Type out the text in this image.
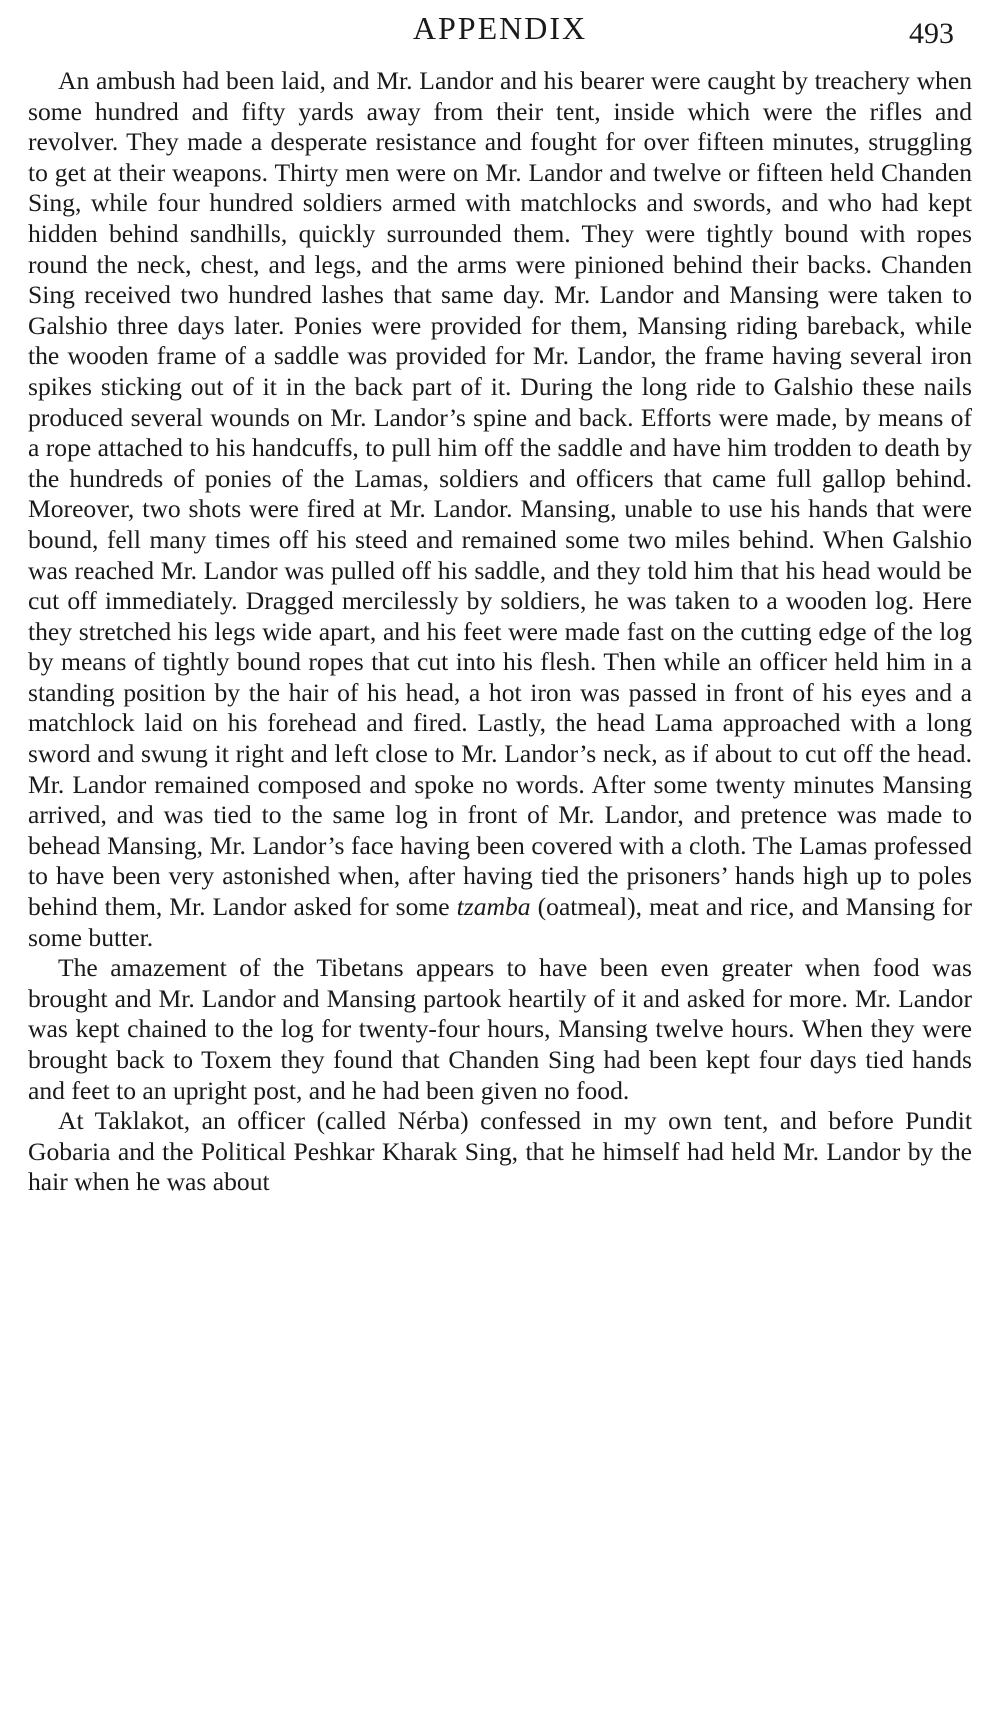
APPENDIX	493

An ambush had been laid, and Mr. Landor and his bearer were caught by treachery when some hundred and fifty yards away from their tent, inside which were the rifles and revolver. They made a desperate resistance and fought for over fifteen minutes, struggling to get at their weapons. Thirty men were on Mr. Landor and twelve or fifteen held Chanden Sing, while four hundred soldiers armed with matchlocks and swords, and who had kept hidden behind sandhills, quickly surrounded them. They were tightly bound with ropes round the neck, chest, and legs, and the arms were pinioned behind their backs. Chanden Sing received two hundred lashes that same day. Mr. Landor and Mansing were taken to Galshio three days later. Ponies were provided for them, Mansing riding bareback, while the wooden frame of a saddle was provided for Mr. Landor, the frame having several iron spikes sticking out of it in the back part of it. During the long ride to Galshio these nails produced several wounds on Mr. Landor’s spine and back. Efforts were made, by means of a rope attached to his handcuffs, to pull him off the saddle and have him trodden to death by the hundreds of ponies of the Lamas, soldiers and officers that came full gallop behind. Moreover, two shots were fired at Mr. Landor. Mansing, unable to use his hands that were bound, fell many times off his steed and remained some two miles behind. When Galshio was reached Mr. Landor was pulled off his saddle, and they told him that his head would be cut off immediately. Dragged mercilessly by soldiers, he was taken to a wooden log. Here they stretched his legs wide apart, and his feet were made fast on the cutting edge of the log by means of tightly bound ropes that cut into his flesh. Then while an officer held him in a standing position by the hair of his head, a hot iron was passed in front of his eyes and a matchlock laid on his forehead and fired. Lastly, the head Lama approached with a long sword and swung it right and left close to Mr. Landor’s neck, as if about to cut off the head. Mr. Landor remained composed and spoke no words. After some twenty minutes Mansing arrived, and was tied to the same log in front of Mr. Landor, and pretence was made to behead Mansing, Mr. Landor’s face having been covered with a cloth. The Lamas professed to have been very astonished when, after having tied the prisoners’ hands high up to poles behind them, Mr. Landor asked for some tzamba (oatmeal), meat and rice, and Mansing for some butter.

The amazement of the Tibetans appears to have been even greater when food was brought and Mr. Landor and Mansing partook heartily of it and asked for more. Mr. Landor was kept chained to the log for twenty-four hours, Mansing twelve hours. When they were brought back to Toxem they found that Chanden Sing had been kept four days tied hands and feet to an upright post, and he had been given no food.

At Taklakot, an officer (called Nérba) confessed in my own tent, and before Pundit Gobaria and the Political Peshkar Kharak Sing, that he himself had held Mr. Landor by the hair when he was about
